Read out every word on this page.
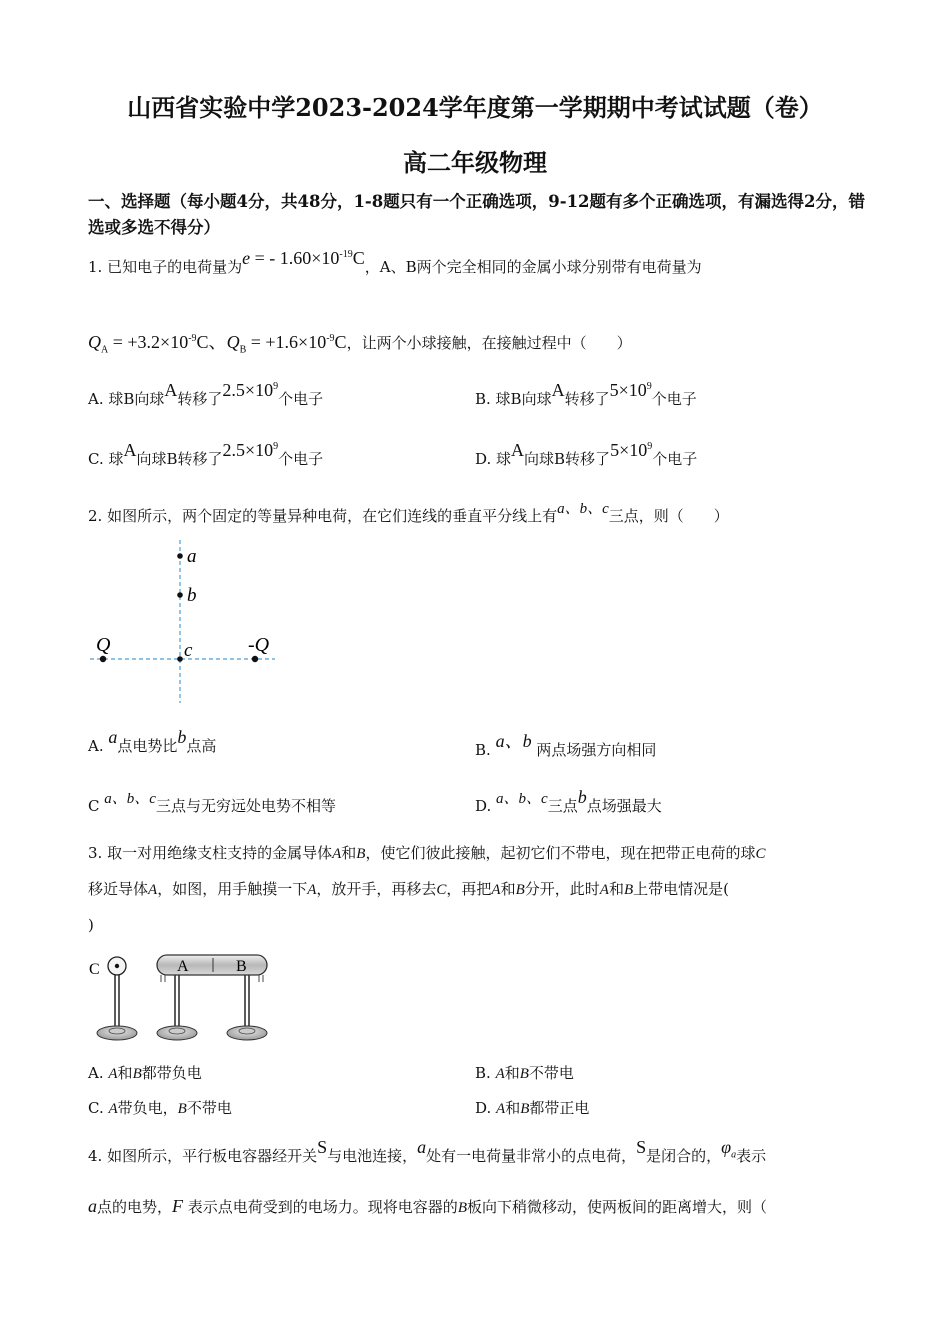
山西省实验中学2023-2024学年度第一学期期中考试试题（卷）
高二年级物理
一、选择题（每小题4分，共48分，1-8题只有一个正确选项，9-12题有多个正确选项，有漏选得2分，错选或多选不得分）
1. 已知电子的电荷量为e = - $1.60\times 10^{-19}C$，A、B两个完全相同的金属小球分别带有电荷量为
$Q_A = +3.2\times 10^{-9}C$、$Q_B = +1.6\times 10^{-9}C$，让两个小球接触，在接触过程中（　　）
A. 球B向球A转移了$2.5\times 10^9$个电子	B. 球B向球A转移了$5\times 10^9$个电子
C. 球A向球B转移了$2.5\times 10^9$个电子	D. 球A向球B转移了$5\times 10^9$个电子
2. 如图所示，两个固定的等量异种电荷，在它们连线的垂直平分线上有a、b、c三点，则（　　）
a
b
c
Q	-Q
A. a点电势比b点高	B. a、b 两点场强方向相同
C a、b、c三点与无穷远处电势不相等	D. a、b、c三点b点场强最大
3. 取一对用绝缘支柱支持的金属导体A和B，使它们彼此接触，起初它们不带电，现在把带正电荷的球C
移近导体A，如图，用手触摸一下A，放开手，再移去C，再把A和B分开，此时A和B上带电情况是(
)
C	A	B
A. A和B都带负电	B. A和B不带电
C. A带负电，B不带电	D. A和B都带正电
4. 如图所示，平行板电容器经开关S与电池连接，a处有一电荷量非常小的点电荷，S是闭合的，$\varphi_a$表示
a点的电势，F 表示点电荷受到的电场力。现将电容器的B板向下稍微移动，使两板间的距离增大，则（
